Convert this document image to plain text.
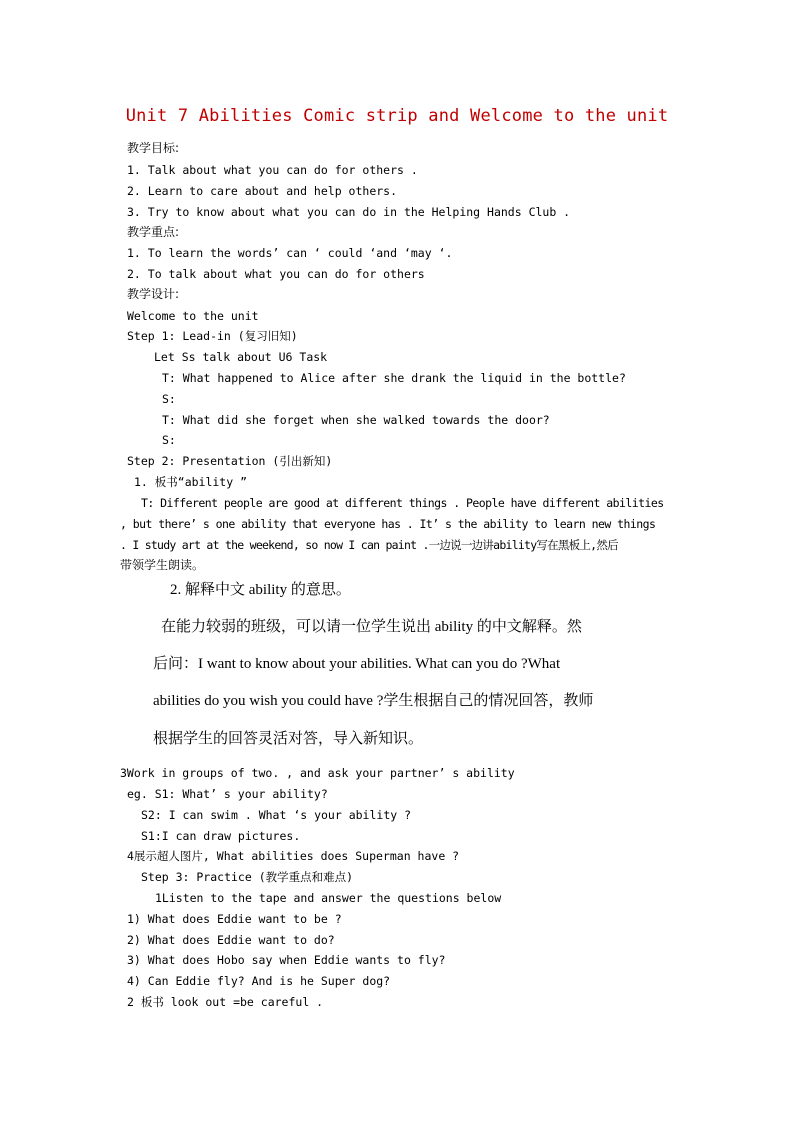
Unit 7 Abilities Comic strip and Welcome to the unit
教学目标:
1. Talk about what you can do for others .
2. Learn to care about and help others.
3. Try to know about what you can do in the Helping Hands Club .
教学重点:
1. To learn the words’ can ‘ could ‘and ‘may ‘.
2. To talk about what you can do for others
教学设计:
Welcome to the unit
Step 1: Lead-in (复习旧知)
Let Ss talk about U6 Task
T: What happened to Alice after she drank the liquid in the bottle?
S:
T: What did she forget when she walked towards the door?
S:
Step 2: Presentation (引出新知)
1. 板书“ability ”
T: Different people are good at different things . People have different abilities
, but there’ s one ability that everyone has . It’ s the ability to learn new things
. I study art at the weekend, so now I can paint .一边说一边讲ability写在黑板上,然后
带领学生朗读。
2. 解释中文 ability 的意思。
在能力较弱的班级，可以请一位学生说出 ability 的中文解释。然
后问：I want to know about your abilities. What can you do ?What
abilities do you wish you could have ?学生根据自己的情况回答，教师
根据学生的回答灵活对答，导入新知识。
3Work in groups of two. , and ask your partner’ s ability
eg. S1: What’ s your ability?
S2: I can swim . What ‘s your ability ?
S1:I can draw pictures.
4展示超人图片, What abilities does Superman have ?
Step 3: Practice (教学重点和难点)
1Listen to the tape and answer the questions below
1) What does Eddie want to be ?
2) What does Eddie want to do?
3) What does Hobo say when Eddie wants to fly?
4) Can Eddie fly? And is he Super dog?
2 板书 look out =be careful .
